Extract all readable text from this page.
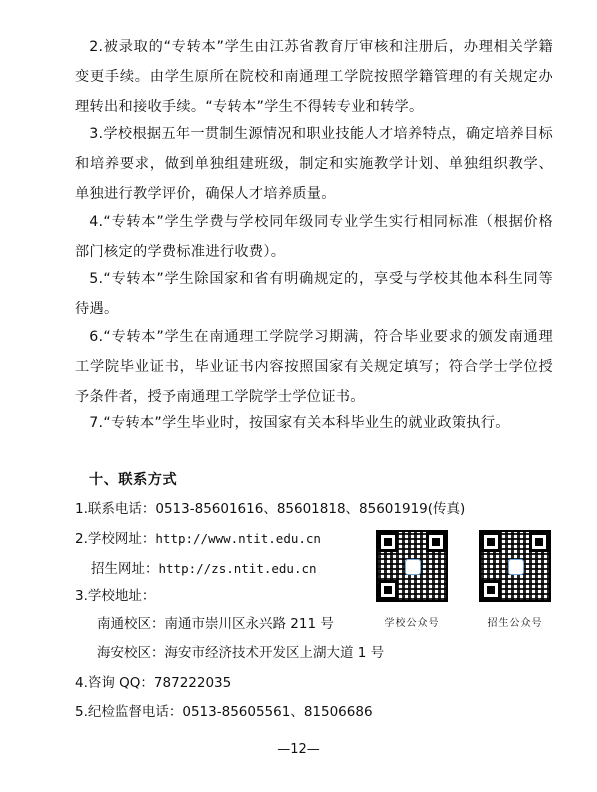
2.被录取的“专转本”学生由江苏省教育厅审核和注册后，办理相关学籍变更手续。由学生原所在院校和南通理工学院按照学籍管理的有关规定办理转出和接收手续。“专转本”学生不得转专业和转学。

3.学校根据五年一贯制生源情况和职业技能人才培养特点，确定培养目标和培养要求，做到单独组建班级，制定和实施教学计划、单独组织教学、单独进行教学评价，确保人才培养质量。

4.“专转本”学生学费与学校同年级同专业学生实行相同标准（根据价格部门核定的学费标准进行收费）。

5.“专转本”学生除国家和省有明确规定的，享受与学校其他本科生同等待遇。

6.“专转本”学生在南通理工学院学习期满，符合毕业要求的颁发南通理工学院毕业证书，毕业证书内容按照国家有关规定填写；符合学士学位授予条件者，授予南通理工学院学士学位证书。

7.“专转本”学生毕业时，按国家有关本科毕业生的就业政策执行。

十、联系方式
1.联系电话：0513-85601616、85601818、85601919(传真)
2.学校网址：http://www.ntit.edu.cn
招生网址：http://zs.ntit.edu.cn
3.学校地址：
南通校区：南通市崇川区永兴路 211 号
海安校区：海安市经济技术开发区上湖大道 1 号
4.咨询 QQ：787222035
5.纪检监督电话：0513-85605561、81506686
学校公众号	招生公众号
—12—
